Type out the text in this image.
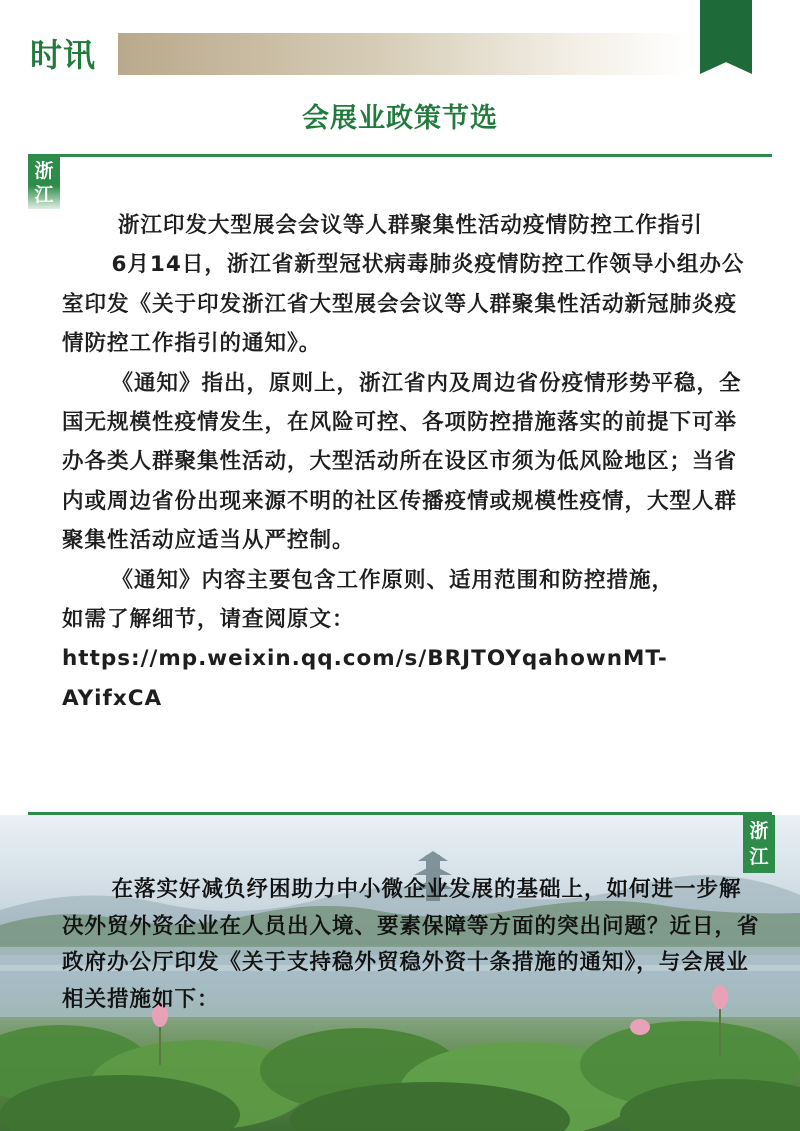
时讯
会展业政策节选
浙江

浙江印发大型展会会议等人群聚集性活动疫情防控工作指引

6月14日，浙江省新型冠状病毒肺炎疫情防控工作领导小组办公室印发《关于印发浙江省大型展会会议等人群聚集性活动新冠肺炎疫情防控工作指引的通知》。

《通知》指出，原则上，浙江省内及周边省份疫情形势平稳，全国无规模性疫情发生，在风险可控、各项防控措施落实的前提下可举办各类人群聚集性活动，大型活动所在设区市须为低风险地区；当省内或周边省份出现来源不明的社区传播疫情或规模性疫情，大型人群聚集性活动应适当从严控制。

《通知》内容主要包含工作原则、适用范围和防控措施，

如需了解细节，请查阅原文：

https://mp.weixin.qq.com/s/BRJTOYqahownMT-AYifxCA

浙江

在落实好减负纾困助力中小微企业发展的基础上，如何进一步解决外贸外资企业在人员出入境、要素保障等方面的突出问题？近日，省政府办公厅印发《关于支持稳外贸稳外资十条措施的通知》，与会展业相关措施如下：
